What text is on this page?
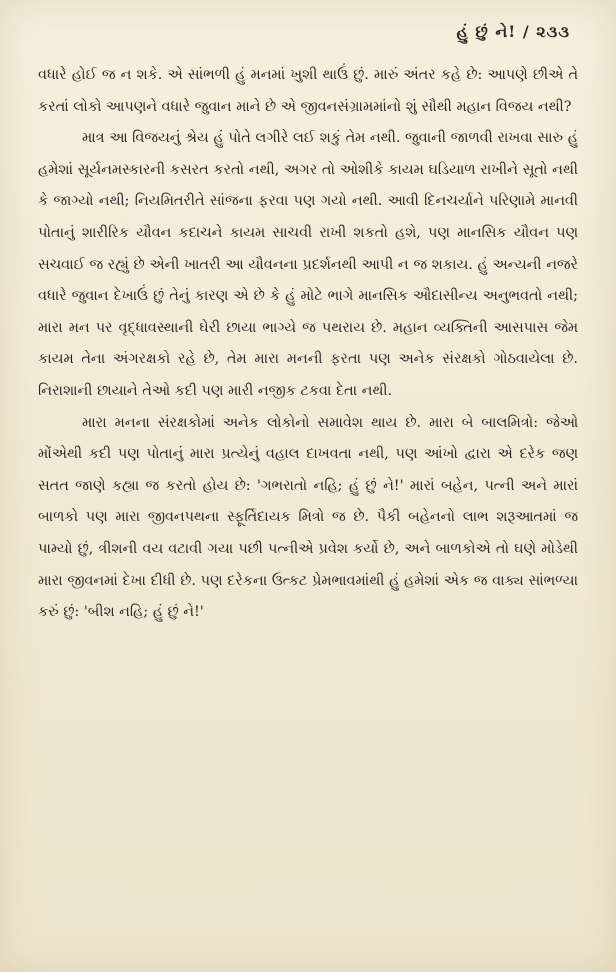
હું છું ને! / ૨૩૩

વધારે હોઈ જ ન શકે. એ સાંભળી હું મનમાં ખુશી થાઉં છું. મારું અંતર કહે છે: આપણે છીએ તે કરતાં લોકો આપણને વધારે જુવાન માને છે એ જીવનસંગ્રામમાંનો શું સૌથી મહાન વિજય નથી?

માત્ર આ વિજયનું શ્રેય હું પોતે લગીરે લઈ શકું તેમ નથી. જુવાની જાળવી રાખવા સારુ હું હમેશાં સૂર્યનમસ્કારની કસરત કરતો નથી, અગર તો ઓશીકે કાયમ ઘડિયાળ રાખીને સૂતો નથી કે જાગ્યો નથી; નિયમિતરીતે સાંજના ફરવા પણ ગયો નથી. આવી દિનચર્યાને પરિણામે માનવી પોતાનું શારીરિક યૌવન કદાચને કાયમ સાચવી રાખી શકતો હશે, પણ માનસિક યૌવન પણ સચવાઈ જ રહ્યું છે એની ખાતરી આ યૌવનના પ્રદર્શનથી આપી ન જ શકાય. હું અન્યની નજરે વધારે જુવાન દેખાઉં છું તેનું કારણ એ છે કે હું મોટે ભાગે માનસિક ઔદાસીન્ય અનુભવતો નથી; મારા મન પર વૃદ્ધાવસ્થાની ઘેરી છાયા ભાગ્યે જ પથરાય છે. મહાન વ્યક્તિની આસપાસ જેમ કાયમ તેના અંગરક્ષકો રહે છે, તેમ મારા મનની ફરતા પણ અનેક સંરક્ષકો ગોઠવાયેલા છે. નિરાશાની છાયાને તેઓ કદી પણ મારી નજીક ટકવા દેતા નથી.

મારા મનના સંરક્ષકોમાં અનેક લોકોનો સમાવેશ થાય છે. મારા બે બાલમિત્રો: જેઓ મોંએથી કદી પણ પોતાનું મારા પ્રત્યેનું વહાલ દાખવતા નથી, પણ આંખો દ્વારા એ દરેક જણ સતત જાણે કહ્યા જ કરતો હોય છે: 'ગભરાતો નહિ; હું છું ને!' મારાં બહેન, પત્ની અને મારાં બાળકો પણ મારા જીવનપથના સ્ફૂર્તિદાયક મિત્રો જ છે. પૈકી બહેનનો લાભ શરૂઆતમાં જ પામ્યો છું, ત્રીશની વય વટાવી ગયા પછી પત્નીએ પ્રવેશ કર્યો છે, અને બાળકોએ તો ઘણે મોડેથી મારા જીવનમાં દેખા દીધી છે. પણ દરેકના ઉત્કટ પ્રેમભાવમાંથી હું હમેશાં એક જ વાક્ય સાંભળ્યા કરું છું: 'બીશ નહિ; હું છું ને!'
